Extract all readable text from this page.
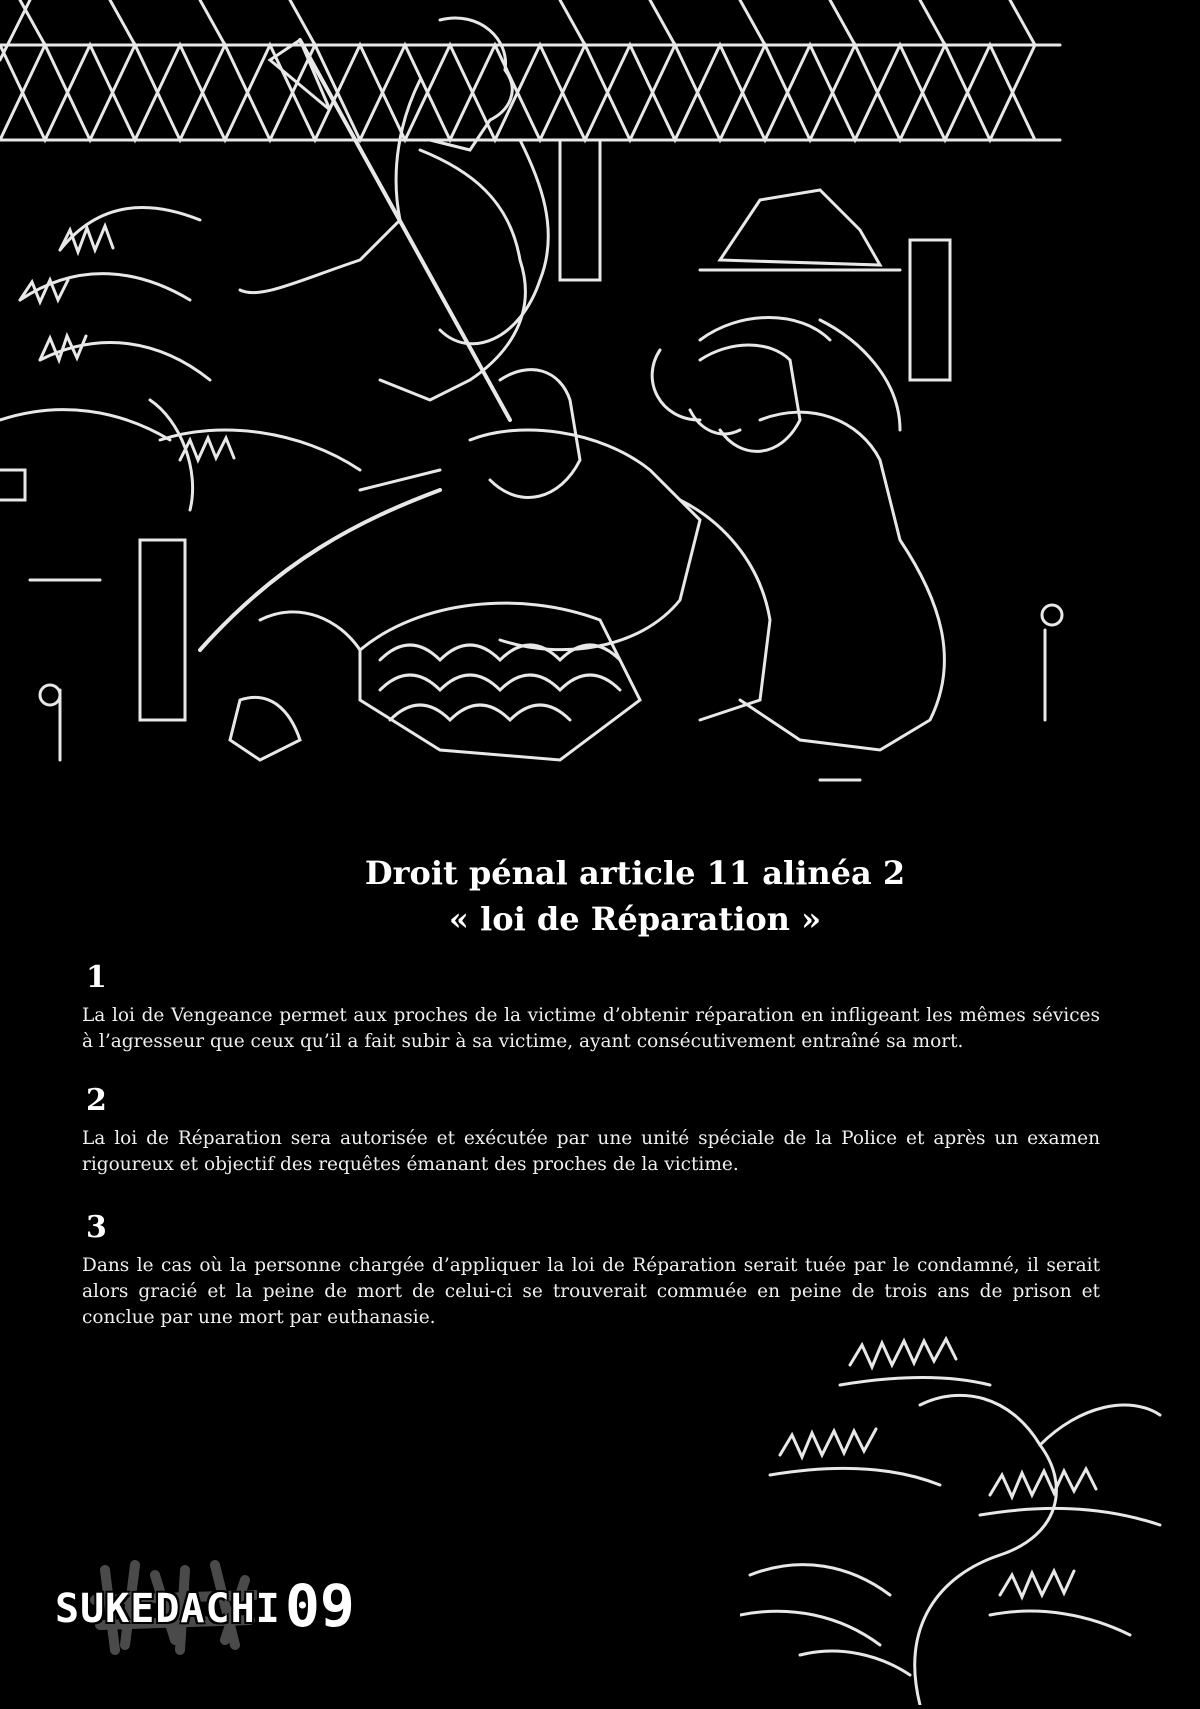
Droit pénal article 11 alinéa 2
« loi de Réparation »
1
La loi de Vengeance permet aux proches de la victime d’obtenir réparation en infligeant les mêmes sévices à l’agresseur que ceux qu’il a fait subir à sa victime, ayant consécutivement entraîné sa mort.
2
La loi de Réparation sera autorisée et exécutée par une unité spéciale de la Police et après un examen rigoureux et objectif des requêtes émanant des proches de la victime.
3
Dans le cas où la personne chargée d’appliquer la loi de Réparation serait tuée par le condamné, il serait alors gracié et la peine de mort de celui-ci se trouverait commuée en peine de trois ans de prison et conclue par une mort par euthanasie.
SUKEDACHI 09
